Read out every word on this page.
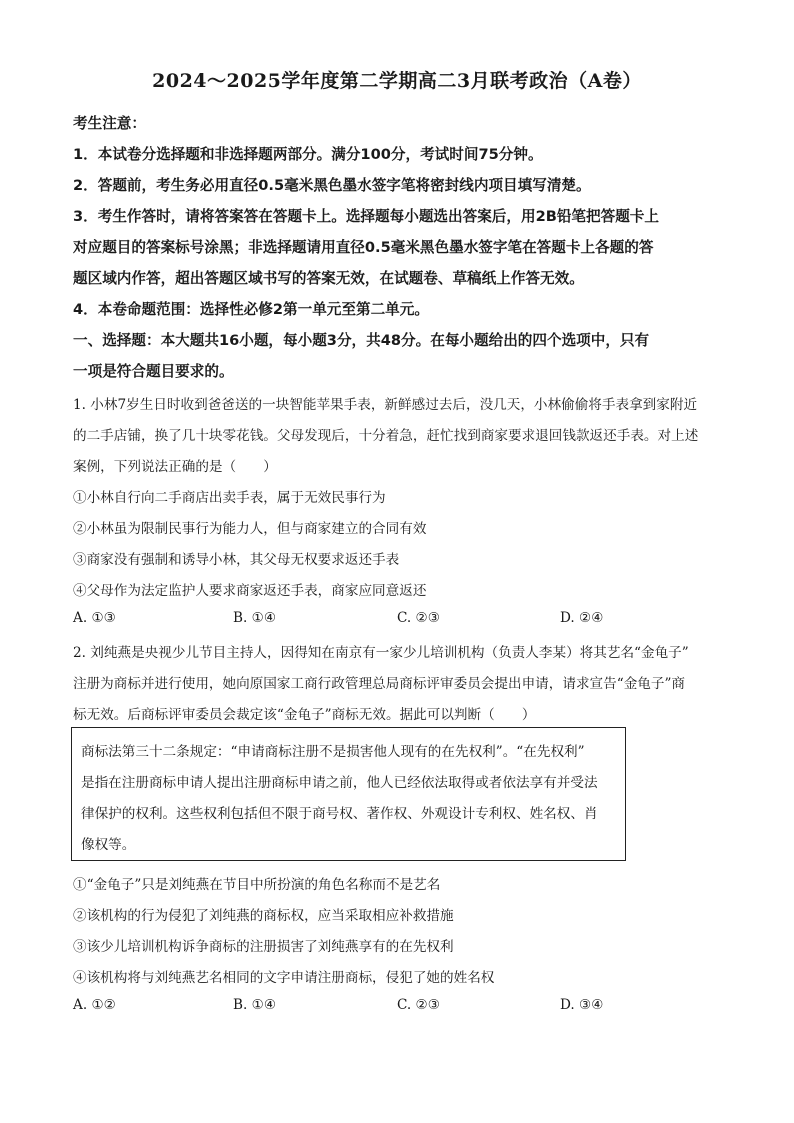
2024～2025学年度第二学期高二3月联考政治（A卷）
考生注意：
1．本试卷分选择题和非选择题两部分。满分100分，考试时间75分钟。
2．答题前，考生务必用直径0.5毫米黑色墨水签字笔将密封线内项目填写清楚。
3．考生作答时，请将答案答在答题卡上。选择题每小题选出答案后，用2B铅笔把答题卡上
对应题目的答案标号涂黑；非选择题请用直径0.5毫米黑色墨水签字笔在答题卡上各题的答
题区域内作答，超出答题区域书写的答案无效，在试题卷、草稿纸上作答无效。
4．本卷命题范围：选择性必修2第一单元至第二单元。
一、选择题：本大题共16小题，每小题3分，共48分。在每小题给出的四个选项中，只有
一项是符合题目要求的。
1. 小林7岁生日时收到爸爸送的一块智能苹果手表，新鲜感过去后，没几天，小林偷偷将手表拿到家附近
的二手店铺，换了几十块零花钱。父母发现后，十分着急，赶忙找到商家要求退回钱款返还手表。对上述
案例，下列说法正确的是（　　）
①小林自行向二手商店出卖手表，属于无效民事行为
②小林虽为限制民事行为能力人，但与商家建立的合同有效
③商家没有强制和诱导小林，其父母无权要求返还手表
④父母作为法定监护人要求商家返还手表，商家应同意返还
A. ①③	B. ①④	C. ②③	D. ②④
2. 刘纯燕是央视少儿节目主持人，因得知在南京有一家少儿培训机构（负责人李某）将其艺名“金龟子”
注册为商标并进行使用，她向原国家工商行政管理总局商标评审委员会提出申请，请求宣告“金龟子”商
标无效。后商标评审委员会裁定该“金龟子”商标无效。据此可以判断（　　）
商标法第三十二条规定：“申请商标注册不是损害他人现有的在先权利”。“在先权利”
是指在注册商标申请人提出注册商标申请之前，他人已经依法取得或者依法享有并受法
律保护的权利。这些权利包括但不限于商号权、著作权、外观设计专利权、姓名权、肖
像权等。
①“金龟子”只是刘纯燕在节目中所扮演的角色名称而不是艺名
②该机构的行为侵犯了刘纯燕的商标权，应当采取相应补救措施
③该少儿培训机构诉争商标的注册损害了刘纯燕享有的在先权利
④该机构将与刘纯燕艺名相同的文字申请注册商标，侵犯了她的姓名权
A. ①②	B. ①④	C. ②③	D. ③④
